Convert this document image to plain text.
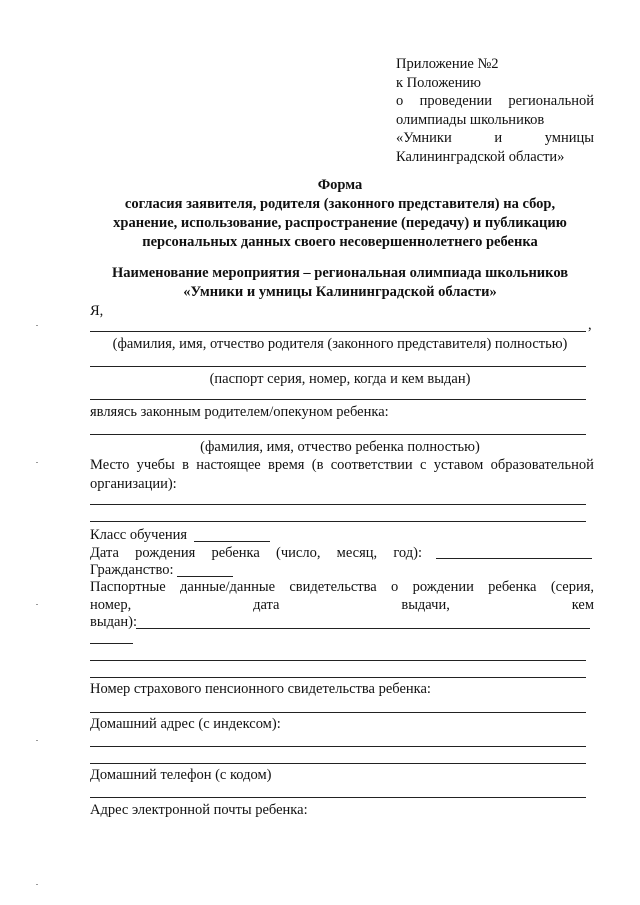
Приложение №2
к Положению
о проведении региональной
олимпиады школьников
«Умники	и	умницы
Калининградской области»
Форма
согласия заявителя, родителя (законного представителя) на сбор,
хранение, использование, распространение (передачу) и публикацию
персональных данных своего несовершеннолетнего ребенка
Наименование мероприятия – региональная олимпиада школьников
«Умники и умницы Калининградской области»
Я,
,
(фамилия, имя, отчество родителя (законного представителя) полностью)
(паспорт серия, номер, когда и кем выдан)
являясь законным родителем/опекуном ребенка:
(фамилия, имя, отчество ребенка полностью)
Место учебы в настоящее время (в соответствии с уставом образовательной
организации):
Класс обучения
Дата рождения ребенка (число, месяц, год):
Гражданство:
Паспортные данные/данные свидетельства о рождении ребенка (серия,
номер,	дата	выдачи,	кем
выдан):
Номер страхового пенсионного свидетельства ребенка:
Домашний адрес (с индексом):
Домашний телефон (с кодом)
Адрес электронной почты ребенка:
